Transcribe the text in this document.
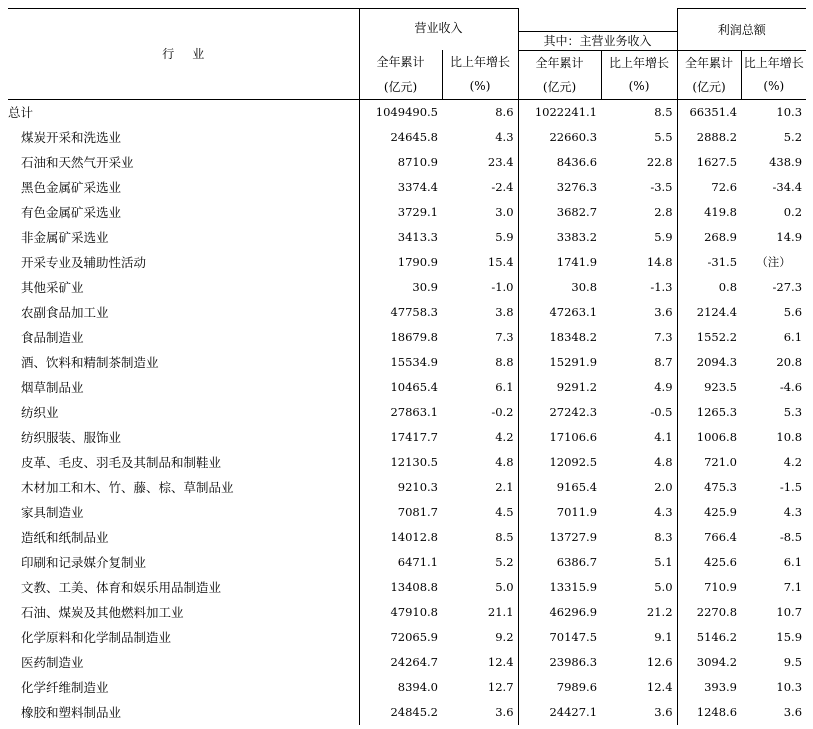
行业	营业收入				利润总额	
			其中：主营业务收入			
	全年累计	比上年增长	全年累计	比上年增长	全年累计	比上年增长
	(亿元)	(%)	(亿元)	(%)	(亿元)	(%)
总计	1049490.5	8.6	1022241.1	8.5	66351.4	10.3
煤炭开采和洗选业	24645.8	4.3	22660.3	5.5	2888.2	5.2
石油和天然气开采业	8710.9	23.4	8436.6	22.8	1627.5	438.9
黑色金属矿采选业	3374.4	-2.4	3276.3	-3.5	72.6	-34.4
有色金属矿采选业	3729.1	3.0	3682.7	2.8	419.8	0.2
非金属矿采选业	3413.3	5.9	3383.2	5.9	268.9	14.9
开采专业及辅助性活动	1790.9	15.4	1741.9	14.8	-31.5	（注）
其他采矿业	30.9	-1.0	30.8	-1.3	0.8	-27.3
农副食品加工业	47758.3	3.8	47263.1	3.6	2124.4	5.6
食品制造业	18679.8	7.3	18348.2	7.3	1552.2	6.1
酒、饮料和精制茶制造业	15534.9	8.8	15291.9	8.7	2094.3	20.8
烟草制品业	10465.4	6.1	9291.2	4.9	923.5	-4.6
纺织业	27863.1	-0.2	27242.3	-0.5	1265.3	5.3
纺织服装、服饰业	17417.7	4.2	17106.6	4.1	1006.8	10.8
皮革、毛皮、羽毛及其制品和制鞋业	12130.5	4.8	12092.5	4.8	721.0	4.2
木材加工和木、竹、藤、棕、草制品业	9210.3	2.1	9165.4	2.0	475.3	-1.5
家具制造业	7081.7	4.5	7011.9	4.3	425.9	4.3
造纸和纸制品业	14012.8	8.5	13727.9	8.3	766.4	-8.5
印刷和记录媒介复制业	6471.1	5.2	6386.7	5.1	425.6	6.1
文教、工美、体育和娱乐用品制造业	13408.8	5.0	13315.9	5.0	710.9	7.1
石油、煤炭及其他燃料加工业	47910.8	21.1	46296.9	21.2	2270.8	10.7
化学原料和化学制品制造业	72065.9	9.2	70147.5	9.1	5146.2	15.9
医药制造业	24264.7	12.4	23986.3	12.6	3094.2	9.5
化学纤维制造业	8394.0	12.7	7989.6	12.4	393.9	10.3
橡胶和塑料制品业	24845.2	3.6	24427.1	3.6	1248.6	3.6
